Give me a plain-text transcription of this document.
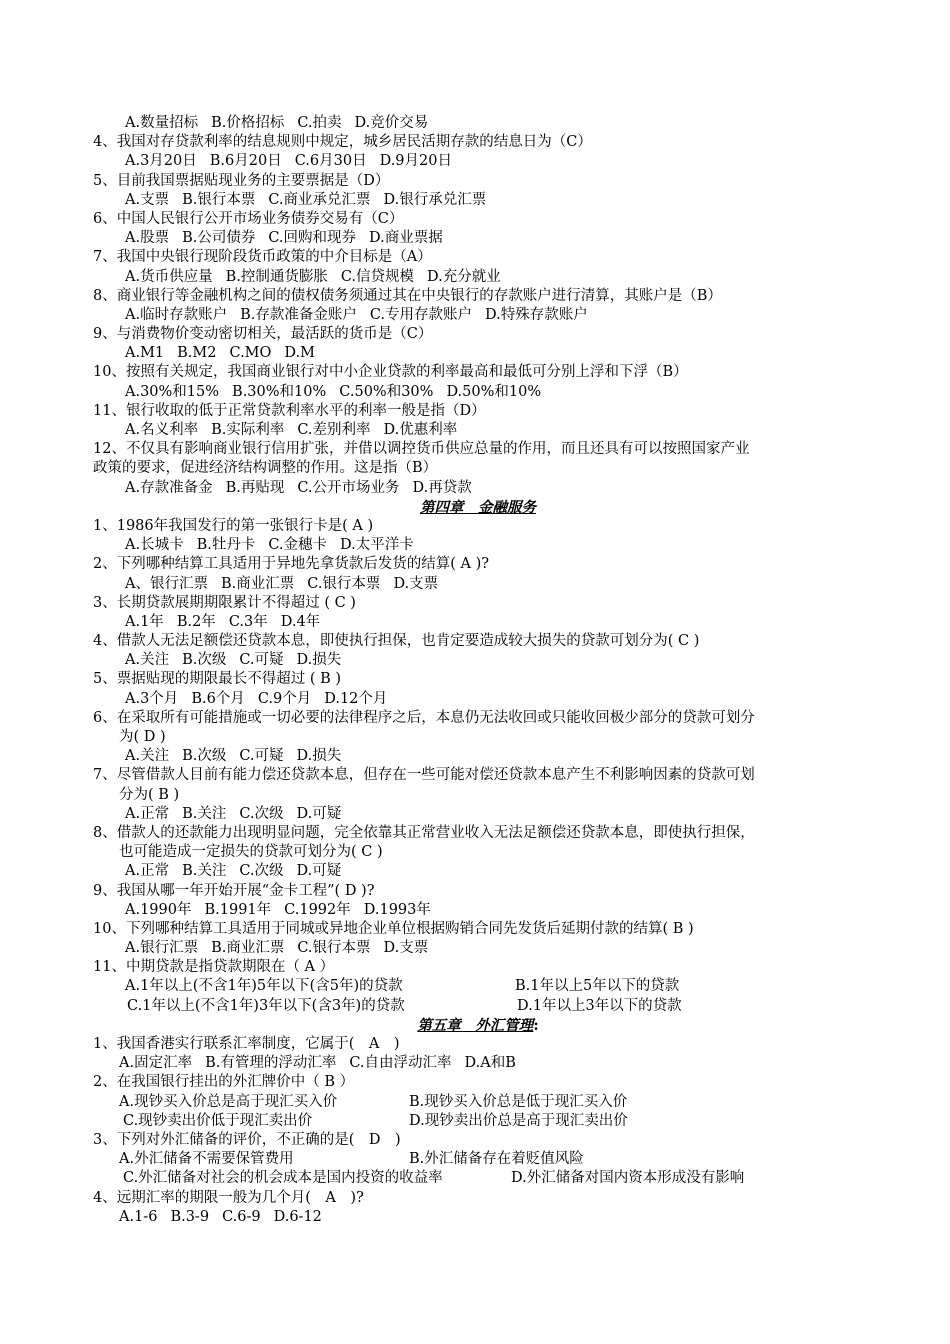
A.数量招标 B.价格招标 C.拍卖 D.竞价交易
4、我国对存贷款利率的结息规则中规定，城乡居民活期存款的结息日为（C）
A.3月20日 B.6月20日 C.6月30日 D.9月20日
5、目前我国票据贴现业务的主要票据是（D）
A.支票 B.银行本票 C.商业承兑汇票 D.银行承兑汇票
6、中国人民银行公开市场业务债券交易有（C）
A.股票 B.公司债券 C.回购和现券 D.商业票据
7、我国中央银行现阶段货币政策的中介目标是（A）
A.货币供应量 B.控制通货膨胀 C.信贷规模 D.充分就业
8、商业银行等金融机构之间的债权债务须通过其在中央银行的存款账户进行清算，其账户是（B）
A.临时存款账户 B.存款准备金账户 C.专用存款账户 D.特殊存款账户
9、与消费物价变动密切相关，最活跃的货币是（C）
A.M1 B.M2 C.MO D.M
10、按照有关规定，我国商业银行对中小企业贷款的利率最高和最低可分别上浮和下浮（B）
A.30%和15% B.30%和10% C.50%和30% D.50%和10%
11、银行收取的低于正常贷款利率水平的利率一般是指（D）
A.名义利率 B.实际利率 C.差别利率 D.优惠利率
12、不仅具有影响商业银行信用扩张，并借以调控货币供应总量的作用，而且还具有可以按照国家产业
政策的要求，促进经济结构调整的作用。这是指（B）
A.存款准备金 B.再贴现 C.公开市场业务 D.再贷款
第四章　金融服务
1、1986年我国发行的第一张银行卡是( A )
A.长城卡 B.牡丹卡 C.金穗卡 D.太平洋卡
2、下列哪种结算工具适用于异地先拿货款后发货的结算( A )?
A、银行汇票 B.商业汇票 C.银行本票 D.支票
3、长期贷款展期期限累计不得超过 ( C )
A.1年 B.2年 C.3年 D.4年
4、借款人无法足额偿还贷款本息，即使执行担保，也肯定要造成较大损失的贷款可划分为( C )
A.关注 B.次级 C.可疑 D.损失
5、票据贴现的期限最长不得超过 ( B )
A.3个月 B.6个月 C.9个月 D.12个月
6、在采取所有可能措施或一切必要的法律程序之后，本息仍无法收回或只能收回极少部分的贷款可划分
为( D )
A.关注 B.次级 C.可疑 D.损失
7、尽管借款人目前有能力偿还贷款本息，但存在一些可能对偿还贷款本息产生不利影响因素的贷款可划
分为( B )
A.正常 B.关注 C.次级 D.可疑
8、借款人的还款能力出现明显问题，完全依靠其正常营业收入无法足额偿还贷款本息，即使执行担保，
也可能造成一定损失的贷款可划分为( C )
A.正常 B.关注 C.次级 D.可疑
9、我国从哪一年开始开展“金卡工程”( D )?
A.1990年 B.1991年 C.1992年 D.1993年
10、下列哪种结算工具适用于同城或异地企业单位根据购销合同先发货后延期付款的结算( B )
A.银行汇票 B.商业汇票 C.银行本票 D.支票
11、中期贷款是指贷款期限在（ A ）
A.1年以上(不含1年)5年以下(含5年)的贷款	B.1年以上5年以下的贷款
C.1年以上(不含1年)3年以下(含3年)的贷款	D.1年以上3年以下的贷款
第五章　外汇管理:
1、我国香港实行联系汇率制度，它属于(　A　)
A.固定汇率 B.有管理的浮动汇率 C.自由浮动汇率 D.A和B
2、在我国银行挂出的外汇牌价中（ B ）
A.现钞买入价总是高于现汇买入价	B.现钞买入价总是低于现汇买入价
C.现钞卖出价低于现汇卖出价	D.现钞卖出价总是高于现汇卖出价
3、下列对外汇储备的评价，不正确的是(　D　)
A.外汇储备不需要保管费用	B.外汇储备存在着贬值风险
C.外汇储备对社会的机会成本是国内投资的收益率	D.外汇储备对国内资本形成没有影响
4、远期汇率的期限一般为几个月(　A　)?
A.1-6 B.3-9 C.6-9 D.6-12
